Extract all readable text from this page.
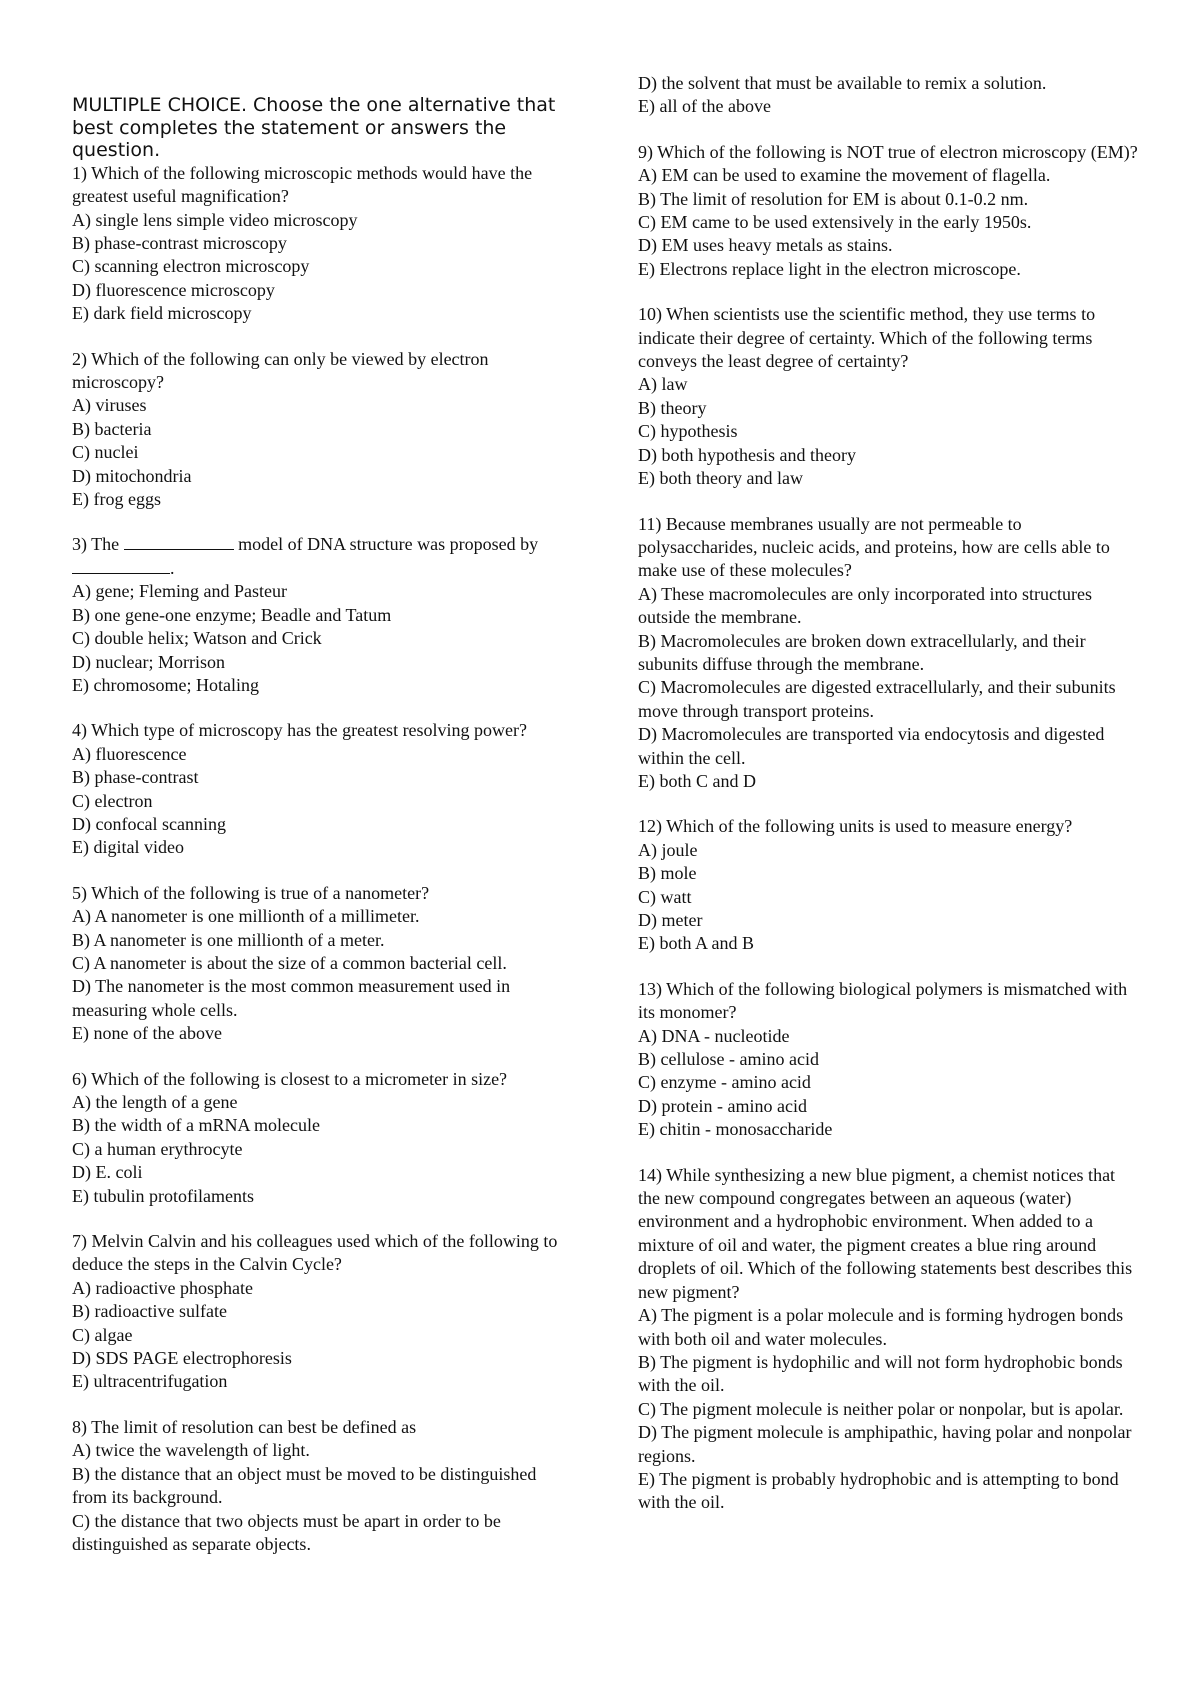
MULTIPLE CHOICE. Choose the one alternative that best completes the statement or answers the question.
1) Which of the following microscopic methods would have the greatest useful magnification?
A) single lens simple video microscopy
B) phase-contrast microscopy
C) scanning electron microscopy
D) fluorescence microscopy
E) dark field microscopy
2) Which of the following can only be viewed by electron microscopy?
A) viruses
B) bacteria
C) nuclei
D) mitochondria
E) frog eggs
3) The	model of DNA structure was proposed by .
A) gene; Fleming and Pasteur
B) one gene-one enzyme; Beadle and Tatum
C) double helix; Watson and Crick
D) nuclear; Morrison
E) chromosome; Hotaling
4) Which type of microscopy has the greatest resolving power?
A) fluorescence
B) phase-contrast
C) electron
D) confocal scanning
E) digital video
5) Which of the following is true of a nanometer?
A) A nanometer is one millionth of a millimeter.
B) A nanometer is one millionth of a meter.
C) A nanometer is about the size of a common bacterial cell.
D) The nanometer is the most common measurement used in measuring whole cells.
E) none of the above
6) Which of the following is closest to a micrometer in size?
A) the length of a gene
B) the width of a mRNA molecule
C) a human erythrocyte
D) E. coli
E) tubulin protofilaments
7) Melvin Calvin and his colleagues used which of the following to deduce the steps in the Calvin Cycle?
A) radioactive phosphate
B) radioactive sulfate
C) algae
D) SDS PAGE electrophoresis
E) ultracentrifugation
8) The limit of resolution can best be defined as
A) twice the wavelength of light.
B) the distance that an object must be moved to be distinguished from its background.
C) the distance that two objects must be apart in order to be distinguished as separate objects.
D) the solvent that must be available to remix a solution.
E) all of the above
9) Which of the following is NOT true of electron microscopy (EM)?
A) EM can be used to examine the movement of flagella.
B) The limit of resolution for EM is about 0.1-0.2 nm.
C) EM came to be used extensively in the early 1950s.
D) EM uses heavy metals as stains.
E) Electrons replace light in the electron microscope.
10) When scientists use the scientific method, they use terms to indicate their degree of certainty. Which of the following terms conveys the least degree of certainty?
A) law
B) theory
C) hypothesis
D) both hypothesis and theory
E) both theory and law
11) Because membranes usually are not permeable to polysaccharides, nucleic acids, and proteins, how are cells able to make use of these molecules?
A) These macromolecules are only incorporated into structures outside the membrane.
B) Macromolecules are broken down extracellularly, and their subunits diffuse through the membrane.
C) Macromolecules are digested extracellularly, and their subunits move through transport proteins.
D) Macromolecules are transported via endocytosis and digested within the cell.
E) both C and D
12) Which of the following units is used to measure energy?
A) joule
B) mole
C) watt
D) meter
E) both A and B
13) Which of the following biological polymers is mismatched with its monomer?
A) DNA - nucleotide
B) cellulose - amino acid
C) enzyme - amino acid
D) protein - amino acid
E) chitin - monosaccharide
14) While synthesizing a new blue pigment, a chemist notices that the new compound congregates between an aqueous (water) environment and a hydrophobic environment. When added to a mixture of oil and water, the pigment creates a blue ring around droplets of oil. Which of the following statements best describes this new pigment?
A) The pigment is a polar molecule and is forming hydrogen bonds with both oil and water molecules.
B) The pigment is hydophilic and will not form hydrophobic bonds with the oil.
C) The pigment molecule is neither polar or nonpolar, but is apolar.
D) The pigment molecule is amphipathic, having polar and nonpolar regions.
E) The pigment is probably hydrophobic and is attempting to bond with the oil.
